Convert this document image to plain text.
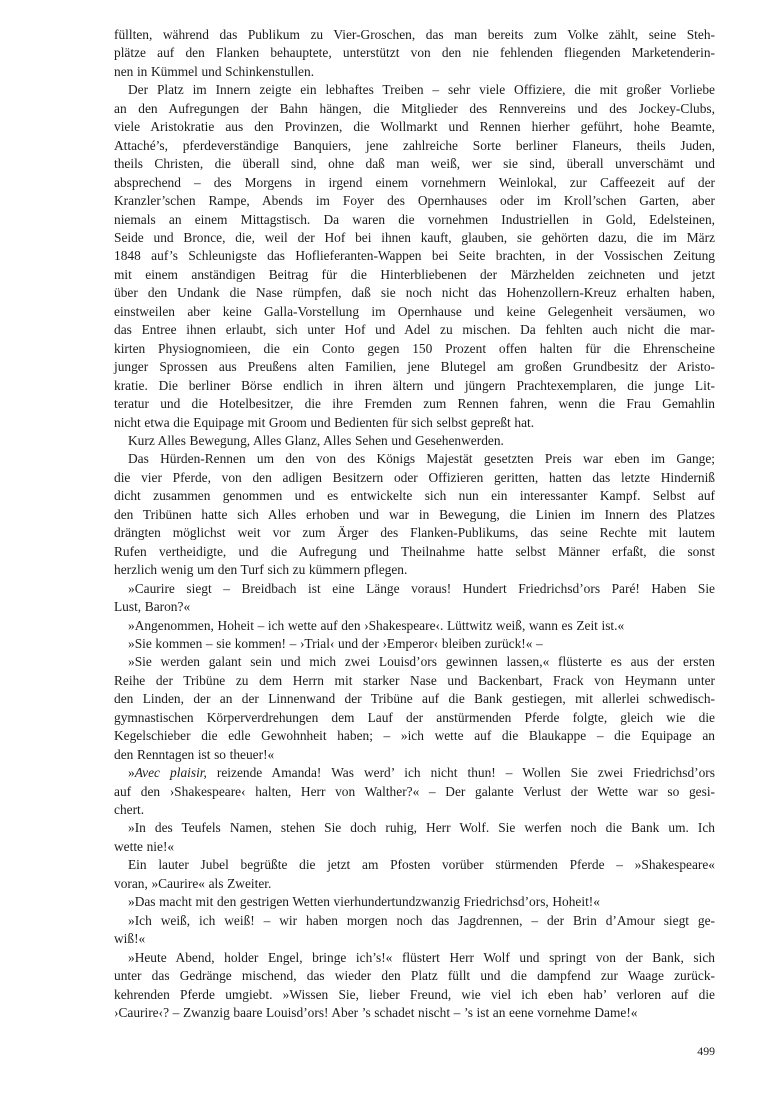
füllten, während das Publikum zu Vier-Groschen, das man bereits zum Volke zählt, seine Steh-
plätze auf den Flanken behauptete, unterstützt von den nie fehlenden fliegenden Marketenderin-
nen in Kümmel und Schinkenstullen.
Der Platz im Innern zeigte ein lebhaftes Treiben – sehr viele Offiziere, die mit großer Vorliebe
an den Aufregungen der Bahn hängen, die Mitglieder des Rennvereins und des Jockey-Clubs,
viele Aristokratie aus den Provinzen, die Wollmarkt und Rennen hierher geführt, hohe Beamte,
Attaché’s, pferdeverständige Banquiers, jene zahlreiche Sorte berliner Flaneurs, theils Juden,
theils Christen, die überall sind, ohne daß man weiß, wer sie sind, überall unverschämt und
absprechend – des Morgens in irgend einem vornehmern Weinlokal, zur Caffeezeit auf der
Kranzler’schen Rampe, Abends im Foyer des Opernhauses oder im Kroll’schen Garten, aber
niemals an einem Mittagstisch. Da waren die vornehmen Industriellen in Gold, Edelsteinen,
Seide und Bronce, die, weil der Hof bei ihnen kauft, glauben, sie gehörten dazu, die im März
1848 auf’s Schleunigste das Hoflieferanten-Wappen bei Seite brachten, in der Vossischen Zeitung
mit einem anständigen Beitrag für die Hinterbliebenen der Märzhelden zeichneten und jetzt
über den Undank die Nase rümpfen, daß sie noch nicht das Hohenzollern-Kreuz erhalten haben,
einstweilen aber keine Galla-Vorstellung im Opernhause und keine Gelegenheit versäumen, wo
das Entree ihnen erlaubt, sich unter Hof und Adel zu mischen. Da fehlten auch nicht die mar-
kirten Physiognomieen, die ein Conto gegen 150 Prozent offen halten für die Ehrenscheine
junger Sprossen aus Preußens alten Familien, jene Blutegel am großen Grundbesitz der Aristo-
kratie. Die berliner Börse endlich in ihren ältern und jüngern Prachtexemplaren, die junge Lit-
teratur und die Hotelbesitzer, die ihre Fremden zum Rennen fahren, wenn die Frau Gemahlin
nicht etwa die Equipage mit Groom und Bedienten für sich selbst gepreßt hat.
Kurz Alles Bewegung, Alles Glanz, Alles Sehen und Gesehenwerden.
Das Hürden-Rennen um den von des Königs Majestät gesetzten Preis war eben im Gange;
die vier Pferde, von den adligen Besitzern oder Offizieren geritten, hatten das letzte Hinderniß
dicht zusammen genommen und es entwickelte sich nun ein interessanter Kampf. Selbst auf
den Tribünen hatte sich Alles erhoben und war in Bewegung, die Linien im Innern des Platzes
drängten möglichst weit vor zum Ärger des Flanken-Publikums, das seine Rechte mit lautem
Rufen vertheidigte, und die Aufregung und Theilnahme hatte selbst Männer erfaßt, die sonst
herzlich wenig um den Turf sich zu kümmern pflegen.
»Caurire siegt – Breidbach ist eine Länge voraus! Hundert Friedrichsd’ors Paré! Haben Sie
Lust, Baron?«
»Angenommen, Hoheit – ich wette auf den ›Shakespeare‹. Lüttwitz weiß, wann es Zeit ist.«
»Sie kommen – sie kommen! – ›Trial‹ und der ›Emperor‹ bleiben zurück!« –
»Sie werden galant sein und mich zwei Louisd’ors gewinnen lassen,« flüsterte es aus der ersten
Reihe der Tribüne zu dem Herrn mit starker Nase und Backenbart, Frack von Heymann unter
den Linden, der an der Linnenwand der Tribüne auf die Bank gestiegen, mit allerlei schwedisch-
gymnastischen Körperverdrehungen dem Lauf der anstürmenden Pferde folgte, gleich wie die
Kegelschieber die edle Gewohnheit haben; – »ich wette auf die Blaukappe – die Equipage an
den Renntagen ist so theuer!«
»Avec plaisir, reizende Amanda! Was werd’ ich nicht thun! – Wollen Sie zwei Friedrichsd’ors
auf den ›Shakespeare‹ halten, Herr von Walther?« – Der galante Verlust der Wette war so gesi-
chert.
»In des Teufels Namen, stehen Sie doch ruhig, Herr Wolf. Sie werfen noch die Bank um. Ich
wette nie!«
Ein lauter Jubel begrüßte die jetzt am Pfosten vorüber stürmenden Pferde – »Shakespeare«
voran, »Caurire« als Zweiter.
»Das macht mit den gestrigen Wetten vierhundertundzwanzig Friedrichsd’ors, Hoheit!«
»Ich weiß, ich weiß! – wir haben morgen noch das Jagdrennen, – der Brin d’Amour siegt ge-
wiß!«
»Heute Abend, holder Engel, bringe ich’s!« flüstert Herr Wolf und springt von der Bank, sich
unter das Gedränge mischend, das wieder den Platz füllt und die dampfend zur Waage zurück-
kehrenden Pferde umgiebt. »Wissen Sie, lieber Freund, wie viel ich eben hab’ verloren auf die
›Caurire‹? – Zwanzig baare Louisd’ors! Aber ’s schadet nischt – ’s ist an eene vornehme Dame!«
499
